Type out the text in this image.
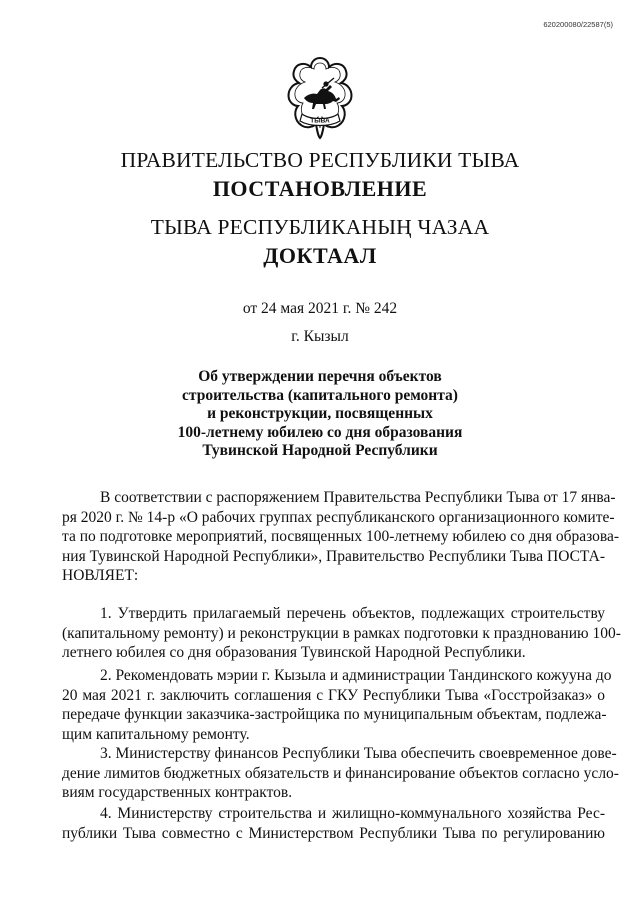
620200080/22587(5)
ТЫВА
ПРАВИТЕЛЬСТВО РЕСПУБЛИКИ ТЫВА
ПОСТАНОВЛЕНИЕ
ТЫВА РЕСПУБЛИКАНЫҢ ЧАЗАА
ДОКТААЛ
от 24 мая 2021 г. № 242
г. Кызыл
Об утверждении перечня объектов
строительства (капитального ремонта)
и реконструкции, посвященных
100-летнему юбилею со дня образования
Тувинской Народной Республики
В соответствии с распоряжением Правительства Республики Тыва от 17 янва-
ря 2020 г. № 14-р «О рабочих группах республиканского организационного комите-
та по подготовке мероприятий, посвященных 100-летнему юбилею со дня образова-
ния Тувинской Народной Республики», Правительство Республики Тыва ПОСТА-
НОВЛЯЕТ:
1. Утвердить прилагаемый перечень объектов, подлежащих строительству
(капитальному ремонту) и реконструкции в рамках подготовки к празднованию 100-
летнего юбилея со дня образования Тувинской Народной Республики.
2. Рекомендовать мэрии г. Кызыла и администрации Тандинского кожууна до
20 мая 2021 г. заключить соглашения с ГКУ Республики Тыва «Госстройзаказ» о
передаче функции заказчика-застройщика по муниципальным объектам, подлежа-
щим капитальному ремонту.
3. Министерству финансов Республики Тыва обеспечить своевременное дове-
дение лимитов бюджетных обязательств и финансирование объектов согласно усло-
виям государственных контрактов.
4. Министерству строительства и жилищно-коммунального хозяйства Рес-
публики Тыва совместно с Министерством Республики Тыва по регулированию
